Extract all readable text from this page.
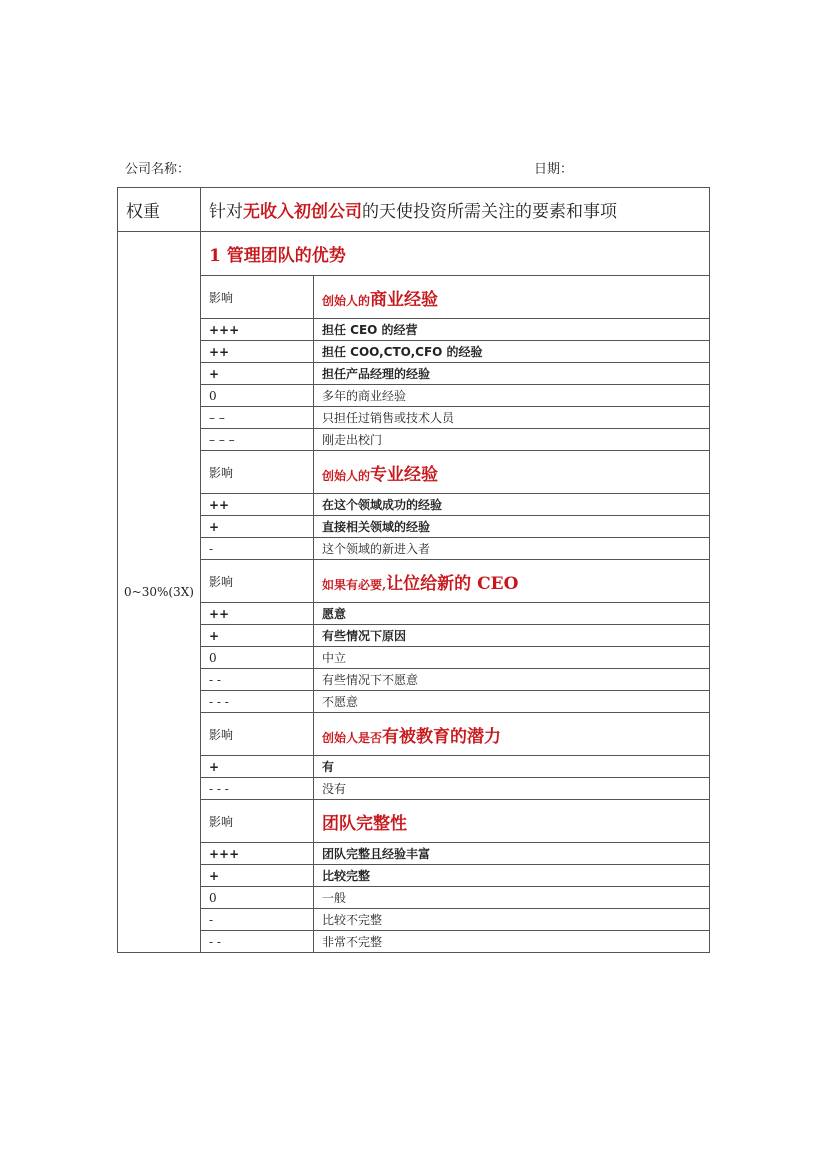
公司名称：	日期：
权重	针对无收入初创公司的天使投资所需关注的要素和事项	
0~30%(3X)	1 管理团队的优势	
	影响	创始人的商业经验
	+++	担任 CEO 的经营
	++	担任 COO,CTO,CFO 的经验
	+	担任产品经理的经验
	0	多年的商业经验
	– –	只担任过销售或技术人员
	– – –	刚走出校门
	影响	创始人的专业经验
	++	在这个领域成功的经验
	+	直接相关领域的经验
	-	这个领域的新进入者
	影响	如果有必要,让位给新的 CEO
	++	愿意
	+	有些情况下原因
	0	中立
	- -	有些情况下不愿意
	- - -	不愿意
	影响	创始人是否有被教育的潜力
	+	有
	- - -	没有
	影响	团队完整性
	+++	团队完整且经验丰富
	+	比较完整
	0	一般
	-	比较不完整
	- -	非常不完整
